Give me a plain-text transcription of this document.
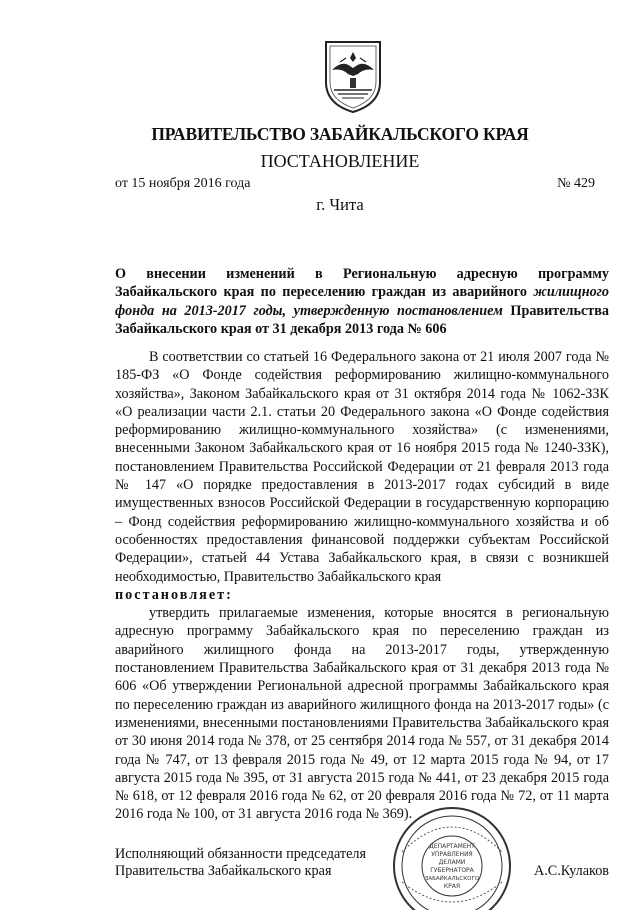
ПРАВИТЕЛЬСТВО ЗАБАЙКАЛЬСКОГО КРАЯ
ПОСТАНОВЛЕНИЕ
от 15 ноября 2016 года	№ 429
г. Чита
О внесении изменений в Региональную адресную программу Забайкальского края по переселению граждан из аварийного жилищного фонда на 2013-2017 годы, утвержденную постановлением Правительства Забайкальского края от 31 декабря 2013 года № 606

В соответствии со статьей 16 Федерального закона от 21 июля 2007 года № 185-ФЗ «О Фонде содействия реформированию жилищно-коммунального хозяйства», Законом Забайкальского края от 31 октября 2014 года № 1062-ЗЗК «О реализации части 2.1. статьи 20 Федерального закона «О Фонде содействия реформированию жилищно-коммунального хозяйства» (с изменениями, внесенными Законом Забайкальского края от 16 ноября 2015 года № 1240-ЗЗК), постановлением Правительства Российской Федерации от 21 февраля 2013 года № 147 «О порядке предоставления в 2013-2017 годах субсидий в виде имущественных взносов Российской Федерации в государственную корпорацию – Фонд содействия реформированию жилищно-коммунального хозяйства и об особенностях предоставления финансовой поддержки субъектам Российской Федерации», статьей 44 Устава Забайкальского края, в связи с возникшей необходимостью, Правительство Забайкальского края

постановляет:

утвердить прилагаемые изменения, которые вносятся в региональную адресную программу Забайкальского края по переселению граждан из аварийного жилищного фонда на 2013-2017 годы, утвержденную постановлением Правительства Забайкальского края от 31 декабря 2013 года № 606 «Об утверждении Региональной адресной программы Забайкальского края по переселению граждан из аварийного жилищного фонда на 2013-2017 годы» (с изменениями, внесенными постановлениями Правительства Забайкальского края от 30 июня 2014 года № 378, от 25 сентября 2014 года № 557, от 31 декабря 2014 года № 747, от 13 февраля 2015 года № 49, от 12 марта 2015 года № 94, от 17 августа 2015 года № 395, от 31 августа 2015 года № 441, от 23 декабря 2015 года № 618, от 12 февраля 2016 года № 62, от 20 февраля 2016 года № 72, от 11 марта 2016 года № 100, от 31 августа 2016 года № 369).

ДЕПАРТАМЕНТ
УПРАВЛЕНИЯ
ДЕЛАМИ
ГУБЕРНАТОРА
ЗАБАЙКАЛЬСКОГО
КРАЯ
Исполняющий обязанности председателя
Правительства Забайкальского края	А.С.Кулаков
